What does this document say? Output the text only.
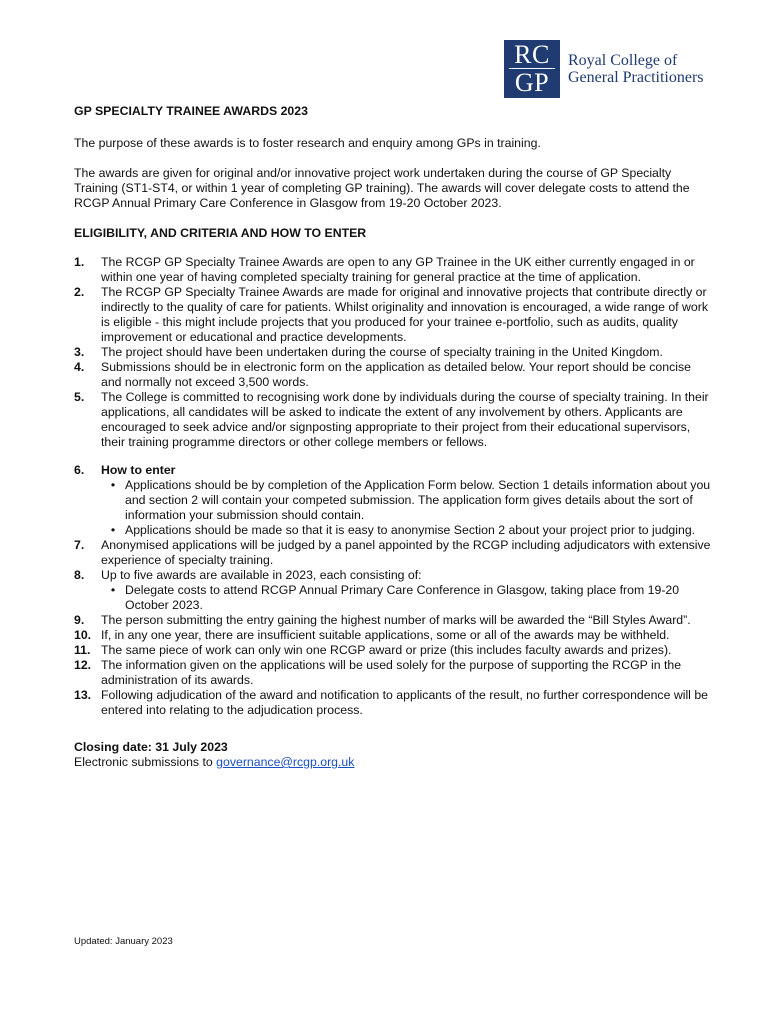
RC
GP
Royal College of
General Practitioners
GP SPECIALTY TRAINEE AWARDS 2023

The purpose of these awards is to foster research and enquiry among GPs in training.

The awards are given for original and/or innovative project work undertaken during the course of GP Specialty Training (ST1-ST4, or within 1 year of completing GP training). The awards will cover delegate costs to attend the RCGP Annual Primary Care Conference in Glasgow from 19-20 October 2023.

ELIGIBILITY, AND CRITERIA AND HOW TO ENTER
1.	The RCGP GP Specialty Trainee Awards are open to any GP Trainee in the UK either currently engaged in or within one year of having completed specialty training for general practice at the time of application.
2.	The RCGP GP Specialty Trainee Awards are made for original and innovative projects that contribute directly or indirectly to the quality of care for patients. Whilst originality and innovation is encouraged, a wide range of work is eligible - this might include projects that you produced for your trainee e-portfolio, such as audits, quality improvement or educational and practice developments.
3.	The project should have been undertaken during the course of specialty training in the United Kingdom.
4.	Submissions should be in electronic form on the application as detailed below. Your report should be concise and normally not exceed 3,500 words.
5.	The College is committed to recognising work done by individuals during the course of specialty training. In their applications, all candidates will be asked to indicate the extent of any involvement by others. Applicants are encouraged to seek advice and/or signposting appropriate to their project from their educational supervisors, their training programme directors or other college members or fellows.
6.	How to enter
• Applications should be by completion of the Application Form below. Section 1 details information about you and section 2 will contain your competed submission. The application form gives details about the sort of information your submission should contain.
• Applications should be made so that it is easy to anonymise Section 2 about your project prior to judging.
7.	Anonymised applications will be judged by a panel appointed by the RCGP including adjudicators with extensive experience of specialty training.
8.	Up to five awards are available in 2023, each consisting of:
• Delegate costs to attend RCGP Annual Primary Care Conference in Glasgow, taking place from 19-20 October 2023.
9.	The person submitting the entry gaining the highest number of marks will be awarded the “Bill Styles Award”.
10. If, in any one year, there are insufficient suitable applications, some or all of the awards may be withheld.
11. The same piece of work can only win one RCGP award or prize (this includes faculty awards and prizes).
12. The information given on the applications will be used solely for the purpose of supporting the RCGP in the administration of its awards.
13. Following adjudication of the award and notification to applicants of the result, no further correspondence will be entered into relating to the adjudication process.
Closing date: 31 July 2023
Electronic submissions to governance@rcgp.org.uk
Updated: January 2023
